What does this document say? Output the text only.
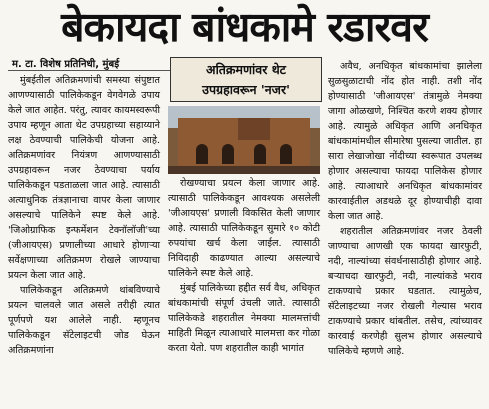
बेकायदा बांधकामे रडारवर
म. टा. विशेष प्रतिनिधी, मुंबई

मुंबईतील अतिक्रमणांची समस्या संपुष्टात आणण्यासाठी पालिकेकडून वेगवेगळे उपाय केले जात आहेत. परंतु, त्यावर कायमस्वरूपी उपाय म्हणून आता थेट उपग्रहाच्या सहाय्याने लक्ष ठेवण्याची पालिकेची योजना आहे. अतिक्रमणांवर नियंत्रण आणण्यासाठी उपग्रहावरून नजर ठेवण्याचा पर्याय पालिकेकडून पडताळला जात आहे. त्यासाठी अत्याधुनिक तंत्रज्ञानाचा वापर केला जाणार असल्याचे पालिकेने स्पष्ट केले आहे. 'जिओग्राफिक इन्फर्मेशन टेक्नॉलॉजी'च्या (जीआयएस) प्रणालीच्या आधारे होणाऱ्या सर्वेक्षणाच्या अतिक्रमण रोखले जाण्याचा प्रयत्न केला जात आहे.

पालिकेकडून अतिक्रमणे थांबविण्याचे प्रयत्न चालवले जात असले तरीही त्यात पूर्णपणे यश आलेले नाही. म्हणूनच पालिकेकडून सॅटेलाइटची जोड घेऊन अतिक्रमणांना

अतिक्रमणांवर थेट
उपग्रहावरून 'नजर'

रोखण्याचा प्रयत्न केला जाणार आहे. त्यासाठी पालिकेकडून आवश्यक असलेली 'जीआयएस' प्रणाली विकसित केली जाणार आहे. त्यासाठी पालिकेकडून सुमारे १० कोटी रुपयांचा खर्च केला जाईल. त्यासाठी निविदाही काढण्यात आल्या असल्याचे पालिकेने स्पष्ट केले आहे.

मुंबई पालिकेच्या हद्दीत सर्व वैध, अधिकृत बांधकामांची संपूर्ण उंचली जाते. त्यासाठी पालिकेकडे शहरातील नेमक्या मालमत्तांची माहिती मिळून त्याआधारे मालमत्ता कर गोळा करता येतो. पण शहरातील काही भागांत

अवैध, अनधिकृत बांधकामांचा झालेला सुळसुळाटाची नोंद होत नाही. तशी नोंद होण्यासाठी 'जीआयएस' तंत्रामुळे नेमक्या जागा ओळखणे, निश्चित करणे शक्य होणार आहे. त्यामुळे अधिकृत आणि अनधिकृत बांधकामांमधील सीमारेषा पुसल्या जातील. हा सारा लेखाजोखा नोंदीच्या स्वरूपात उपलब्ध होणार असल्याचा फायदा पालिकेस होणार आहे. त्याआधारे अनधिकृत बांधकामांवर कारवाईतील अडथळे दूर होण्याचीही दावा केला जात आहे.

शहरातील अतिक्रमणांवर नजर ठेवली जाण्याचा आणखी एक फायदा खारफुटी, नदी, नाल्यांच्या संवर्धनासाठीही होणार आहे. बऱ्याचदा खारफुटी, नदी, नाल्यांकडे भराव टाकण्याचे प्रकार घडतात. त्यामुळेच, सॅटेलाइटच्या नजर रोखली गेल्यास भराव टाकण्याचे प्रकार थांबतील. तसेच, त्यांच्यावर कारवाई करणेही सुलभ होणार असल्याचे पालिकेचे म्हणणे आहे.
